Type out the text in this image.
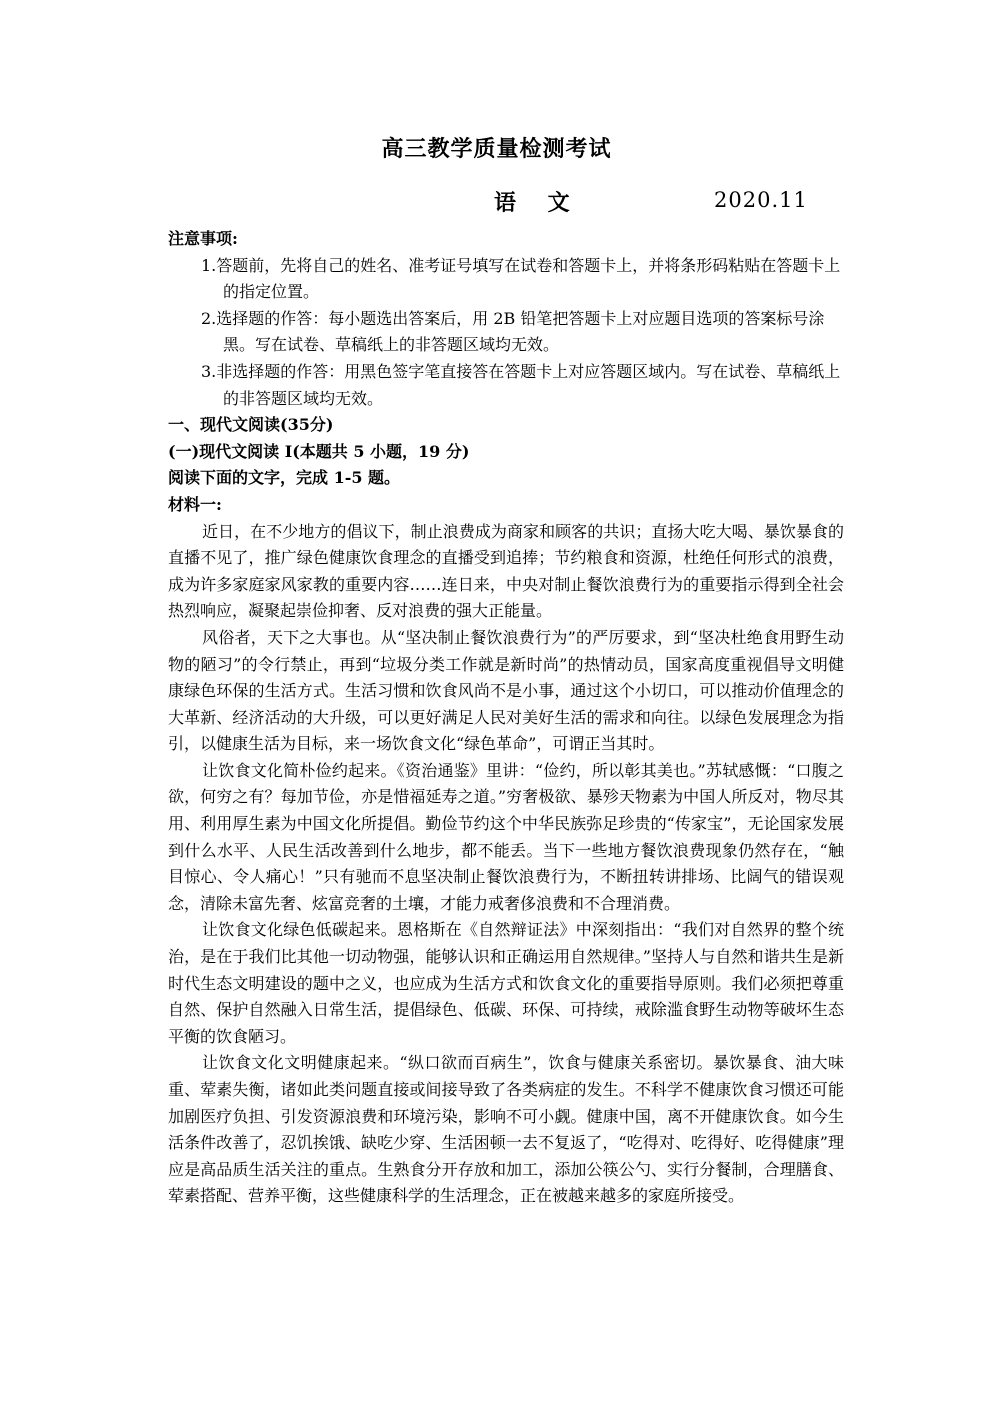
高三教学质量检测考试
语 文	2020.11

注意事项:

1.答题前，先将自己的姓名、准考证号填写在试卷和答题卡上，并将条形码粘贴在答题卡上的指定位置。

2.选择题的作答：每小题选出答案后，用 2B 铅笔把答题卡上对应题目选项的答案标号涂黑。写在试卷、草稿纸上的非答题区域均无效。

3.非选择题的作答：用黑色签字笔直接答在答题卡上对应答题区域内。写在试卷、草稿纸上的非答题区域均无效。

一、现代文阅读(35分)

(一)现代文阅读 I(本题共 5 小题，19 分)

阅读下面的文字，完成 1-5 题。

材料一:

近日，在不少地方的倡议下，制止浪费成为商家和顾客的共识；直扬大吃大喝、暴饮暴食的直播不见了，推广绿色健康饮食理念的直播受到追捧；节约粮食和资源，杜绝任何形式的浪费，成为许多家庭家风家教的重要内容……连日来，中央对制止餐饮浪费行为的重要指示得到全社会热烈响应，凝聚起崇俭抑奢、反对浪费的强大正能量。

风俗者，天下之大事也。从“坚决制止餐饮浪费行为”的严厉要求，到“坚决杜绝食用野生动物的陋习”的令行禁止，再到“垃圾分类工作就是新时尚”的热情动员，国家高度重视倡导文明健康绿色环保的生活方式。生活习惯和饮食风尚不是小事，通过这个小切口，可以推动价值理念的大革新、经济活动的大升级，可以更好满足人民对美好生活的需求和向往。以绿色发展理念为指引，以健康生活为目标，来一场饮食文化“绿色革命”，可谓正当其时。

让饮食文化简朴俭约起来。《资治通鉴》里讲：“俭约，所以彰其美也。”苏轼感慨：“口腹之欲，何穷之有？每加节俭，亦是惜福延寿之道。”穷奢极欲、暴殄天物素为中国人所反对，物尽其用、利用厚生素为中国文化所提倡。勤俭节约这个中华民族弥足珍贵的“传家宝”，无论国家发展到什么水平、人民生活改善到什么地步，都不能丢。当下一些地方餐饮浪费现象仍然存在，“触目惊心、令人痛心！”只有驰而不息坚决制止餐饮浪费行为，不断扭转讲排场、比阔气的错误观念，清除未富先奢、炫富竞奢的土壤，才能力戒奢侈浪费和不合理消费。

让饮食文化绿色低碳起来。恩格斯在《自然辩证法》中深刻指出：“我们对自然界的整个统治，是在于我们比其他一切动物强，能够认识和正确运用自然规律。”坚持人与自然和谐共生是新时代生态文明建设的题中之义，也应成为生活方式和饮食文化的重要指导原则。我们必须把尊重自然、保护自然融入日常生活，提倡绿色、低碳、环保、可持续，戒除滥食野生动物等破坏生态平衡的饮食陋习。

让饮食文化文明健康起来。“纵口欲而百病生”，饮食与健康关系密切。暴饮暴食、油大味重、荤素失衡，诸如此类问题直接或间接导致了各类病症的发生。不科学不健康饮食习惯还可能加剧医疗负担、引发资源浪费和环境污染，影响不可小觑。健康中国，离不开健康饮食。如今生活条件改善了，忍饥挨饿、缺吃少穿、生活困顿一去不复返了，“吃得对、吃得好、吃得健康”理应是高品质生活关注的重点。生熟食分开存放和加工，添加公筷公勺、实行分餐制，合理膳食、荤素搭配、营养平衡，这些健康科学的生活理念，正在被越来越多的家庭所接受。
